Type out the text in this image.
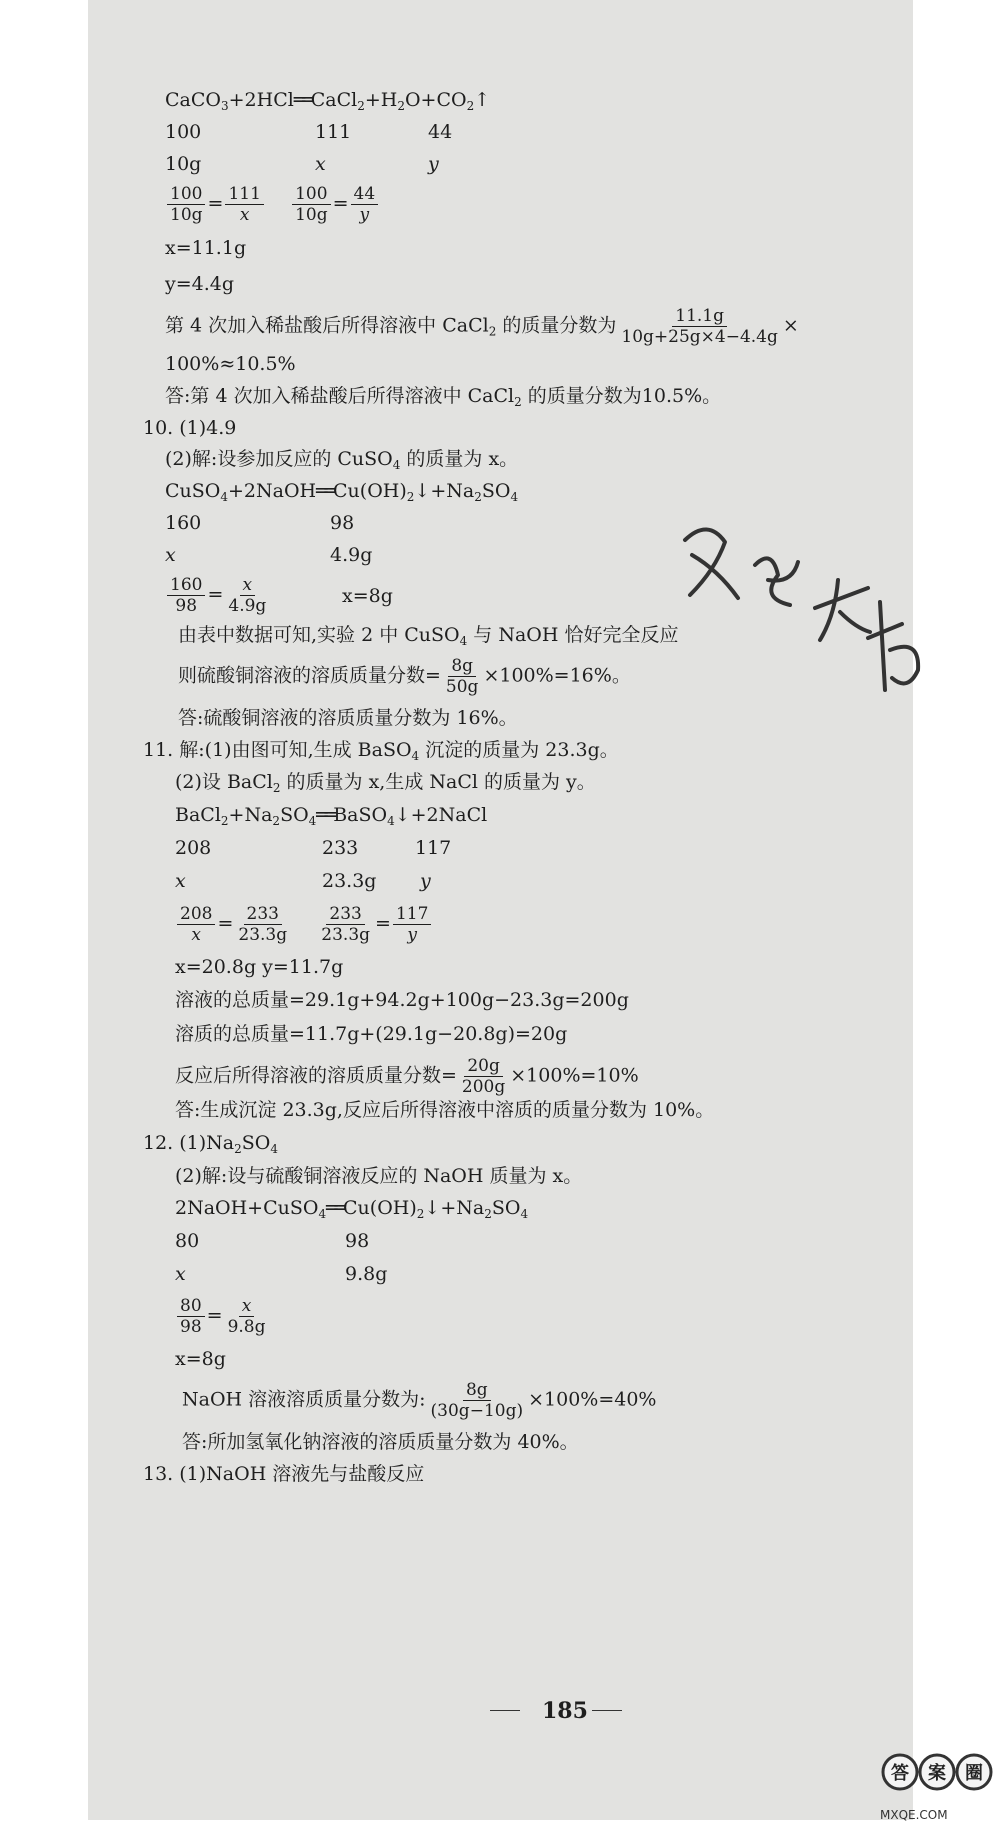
$CaCO_3+2HCl══CaCl_2+H_2O+CO_2↑$
100	111	44
10g	x	y
$\frac{100}{10g} = \frac{111}{x}$
$\frac{100}{10g} = \frac{44}{y}$
x=11.1g
y=4.4g
第 4 次加入稀盐酸后所得溶液中 CaCl$_2$ 的质量分数为 $\frac{11.1g}{10g+25g\times 4-4.4g}$ ×
100%≈10.5%
答:第 4 次加入稀盐酸后所得溶液中 CaCl$_2$ 的质量分数为10.5%。
10. (1)4.9
(2)解:设参加反应的 CuSO$_4$ 的质量为 x。
$CuSO_4+2NaOH══Cu(OH)_2↓+Na_2SO_4$
160	98
x	4.9g
$\frac{160}{98} = \frac{x}{4.9g}$	x=8g
由表中数据可知,实验 2 中 CuSO$_4$ 与 NaOH 恰好完全反应
则硫酸铜溶液的溶质质量分数= $\frac{8g}{50g} \times 100\%=16\%$。
答:硫酸铜溶液的溶质质量分数为 16%。
11. 解:(1)由图可知,生成 BaSO$_4$ 沉淀的质量为 23.3g。
(2)设 BaCl$_2$ 的质量为 x,生成 NaCl 的质量为 y。
$BaCl_2+Na_2SO_4══BaSO_4↓+2NaCl$
208	233	117
x	23.3g y
$\frac{208}{x} = \frac{233}{23.3g}$
$\frac{233}{23.3g} = \frac{117}{y}$
x=20.8g y=11.7g
溶液的总质量=29.1g+94.2g+100g−23.3g=200g
溶质的总质量=11.7g+(29.1g−20.8g)=20g
反应后所得溶液的溶质质量分数= $\frac{20g}{200g} \times 100\%=10\%$
答:生成沉淀 23.3g,反应后所得溶液中溶质的质量分数为 10%。
12. $(1)Na_2SO_4$
(2)解:设与硫酸铜溶液反应的 NaOH 质量为 x。
$2NaOH+CuSO_4══Cu(OH)_2↓+Na_2SO_4$
80	98
x	9.8g
$\frac{80}{98} = \frac{x}{9.8g}$
x=8g
NaOH 溶液溶质质量分数为: $\frac{8g}{(30g-10g)} \times 100\%=40\%$
答:所加氢氧化钠溶液的溶质质量分数为 40%。
13. (1)NaOH 溶液先与盐酸反应
185
答 案 圈
MXQE.COM
